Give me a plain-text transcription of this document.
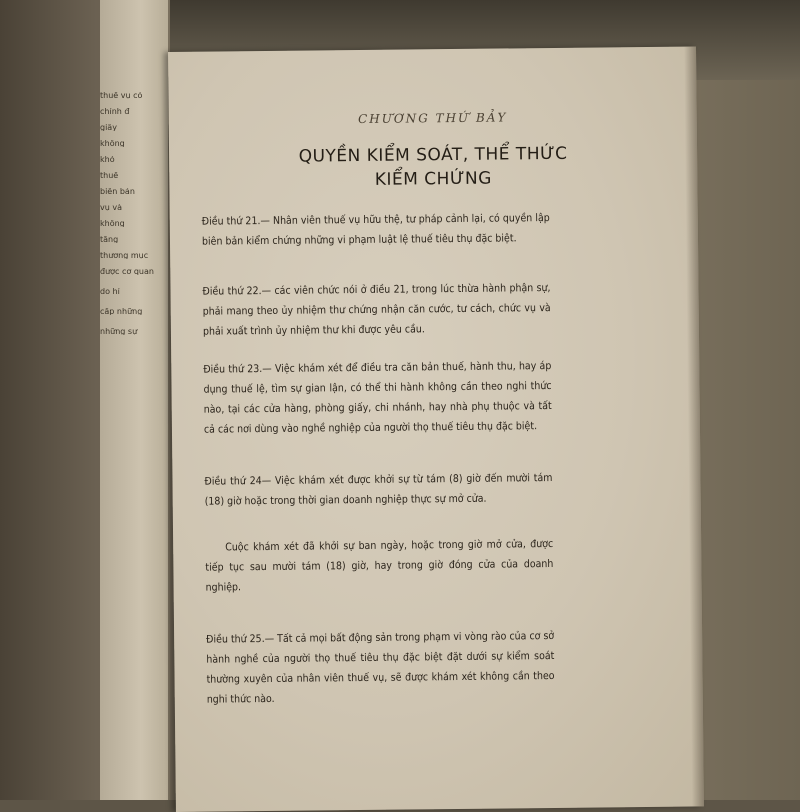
thuế vụ có
chính đ
giây
không
khó
thuế
biên bản
vụ và
không
tăng
thương mục
được cơ quan
do hí
cấp những
những sự
CHƯƠNG THỨ BẢY
QUYỀN KIỂM SOÁT, THỂ THỨC
KIỂM CHỨNG
Điều thứ 21.— Nhân viên thuế vụ hữu thệ, tư pháp cảnh lại, có quyền lập biên bản kiểm chứng những vi phạm luật lệ thuế tiêu thụ đặc biệt.
Điều thứ 22.— các viên chức nói ở điều 21, trong lúc thừa hành phận sự, phải mang theo ủy nhiệm thư chứng nhận căn cước, tư cách, chức vụ và phải xuất trình ủy nhiệm thư khi được yêu cầu.
Điều thứ 23.— Việc khám xét để điều tra căn bản thuế, hành thu, hay áp dụng thuế lệ, tìm sự gian lận, có thể thi hành không cần theo nghi thức nào, tại các cửa hàng, phòng giấy, chi nhánh, hay nhà phụ thuộc và tất cả các nơi dùng vào nghề nghiệp của người thọ thuế tiêu thụ đặc biệt.
Điều thứ 24— Việc khám xét được khởi sự từ tám (8) giờ đến mười tám (18) giờ hoặc trong thời gian doanh nghiệp thực sự mở cửa.
Cuộc khám xét đã khởi sự ban ngày, hoặc trong giờ mở cửa, được tiếp tục sau mười tám (18) giờ, hay trong giờ đóng cửa của doanh nghiệp.
Điều thứ 25.— Tất cả mọi bất động sản trong phạm vi vòng rào của cơ sở hành nghề của người thọ thuế tiêu thụ đặc biệt đặt dưới sự kiểm soát thường xuyên của nhân viên thuế vụ, sẽ được khám xét không cần theo nghi thức nào.
